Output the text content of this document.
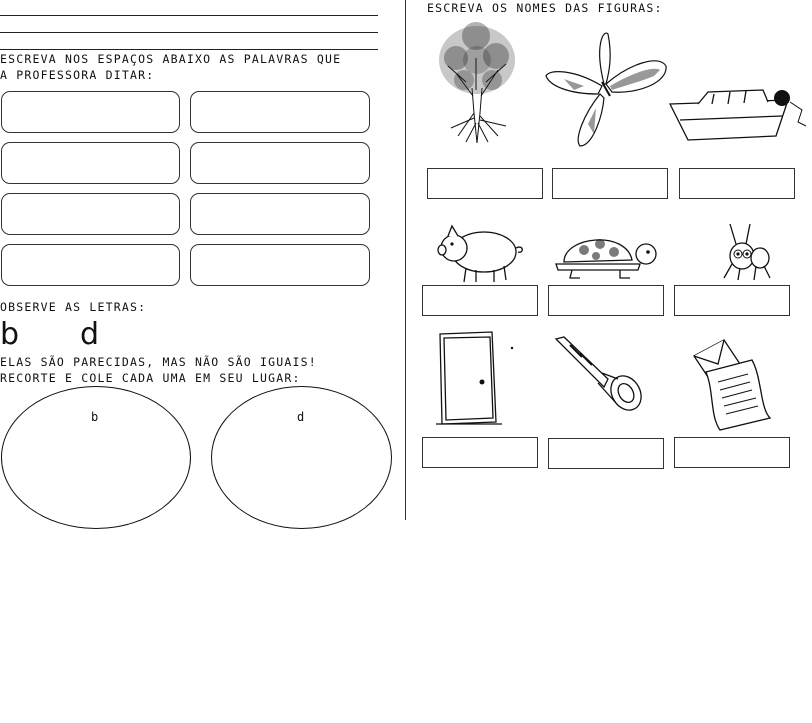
ESCREVA NOS ESPAÇOS ABAIXO AS PALAVRAS QUE
A PROFESSORA DITAR:
OBSERVE AS LETRAS:
b d
ELAS SÃO PARECIDAS, MAS NÃO SÃO IGUAIS!
RECORTE E COLE CADA UMA EM SEU LUGAR:
b	d
ESCREVA OS NOMES DAS FIGURAS:
